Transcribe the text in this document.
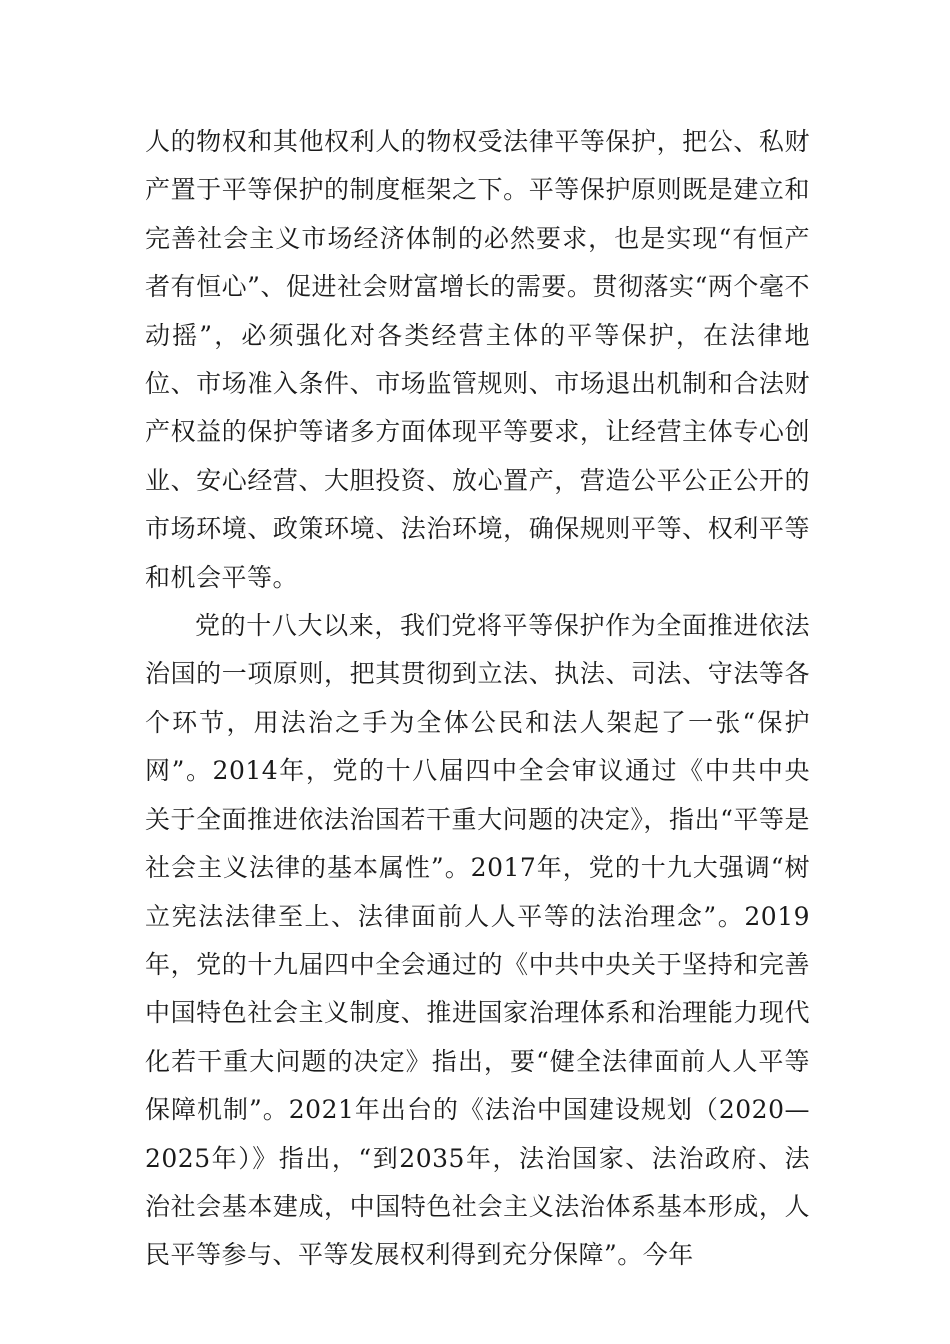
人的物权和其他权利人的物权受法律平等保护，把公、私财产置于平等保护的制度框架之下。平等保护原则既是建立和完善社会主义市场经济体制的必然要求，也是实现“有恒产者有恒心”、促进社会财富增长的需要。贯彻落实“两个毫不动摇”，必须强化对各类经营主体的平等保护，在法律地位、市场准入条件、市场监管规则、市场退出机制和合法财产权益的保护等诸多方面体现平等要求，让经营主体专心创业、安心经营、大胆投资、放心置产，营造公平公正公开的市场环境、政策环境、法治环境，确保规则平等、权利平等和机会平等。

党的十八大以来，我们党将平等保护作为全面推进依法治国的一项原则，把其贯彻到立法、执法、司法、守法等各个环节，用法治之手为全体公民和法人架起了一张“保护网”。2014年，党的十八届四中全会审议通过《中共中央关于全面推进依法治国若干重大问题的决定》，指出“平等是社会主义法律的基本属性”。2017年，党的十九大强调“树立宪法法律至上、法律面前人人平等的法治理念”。2019年，党的十九届四中全会通过的《中共中央关于坚持和完善中国特色社会主义制度、推进国家治理体系和治理能力现代化若干重大问题的决定》指出，要“健全法律面前人人平等保障机制”。2021年出台的《法治中国建设规划（2020—2025年）》指出，“到2035年，法治国家、法治政府、法治社会基本建成，中国特色社会主义法治体系基本形成，人民平等参与、平等发展权利得到充分保障”。今年
